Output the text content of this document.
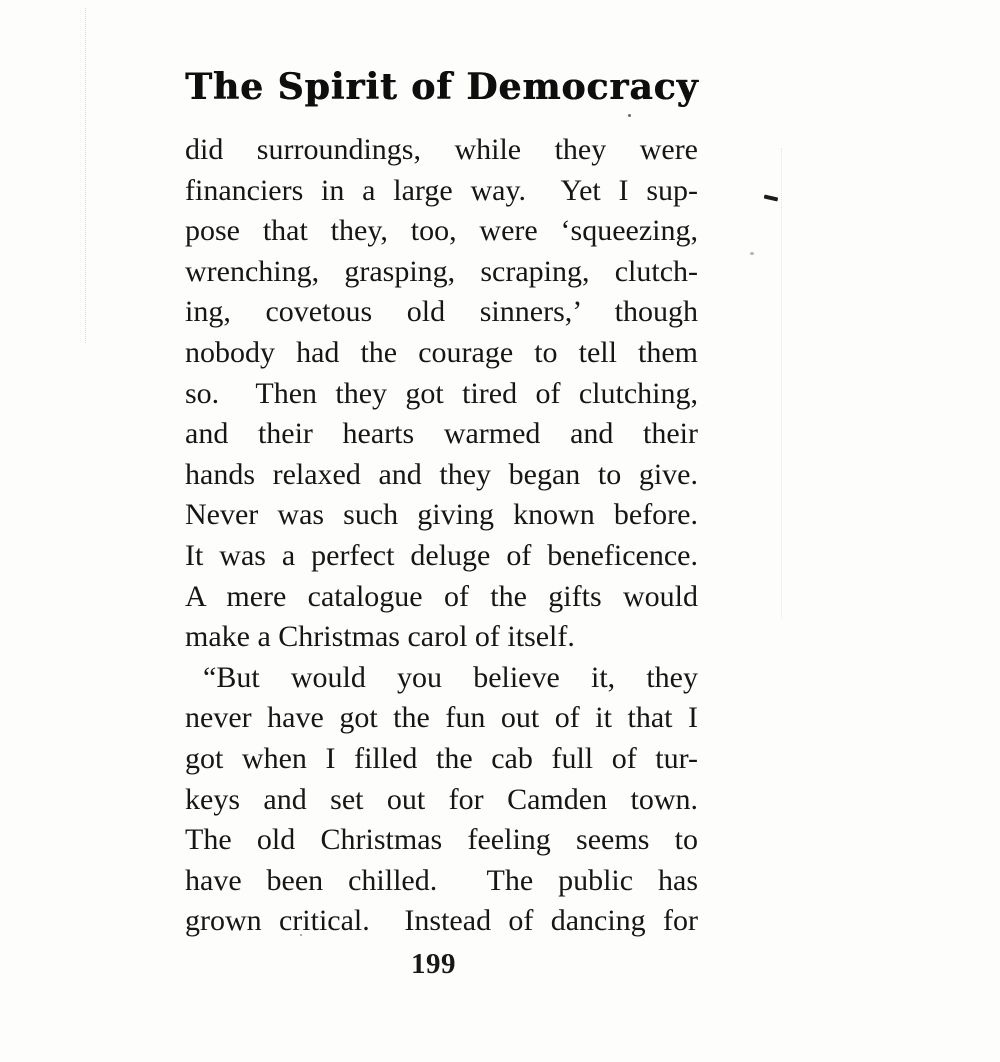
The Spirit of Democracy
did surroundings, while they were
financiers in a large way.  Yet I sup-
pose that they, too, were ‘squeezing,
wrenching, grasping, scraping, clutch-
ing, covetous old sinners,’ though
nobody had the courage to tell them
so.  Then they got tired of clutching,
and their hearts warmed and their
hands relaxed and they began to give.
Never was such giving known before.
It was a perfect deluge of beneficence.
A mere catalogue of the gifts would
make a Christmas carol of itself.
“But would you believe it, they
never have got the fun out of it that I
got when I filled the cab full of tur-
keys and set out for Camden town.
The old Christmas feeling seems to
have been chilled.  The public has
grown critical.  Instead of dancing for
199
